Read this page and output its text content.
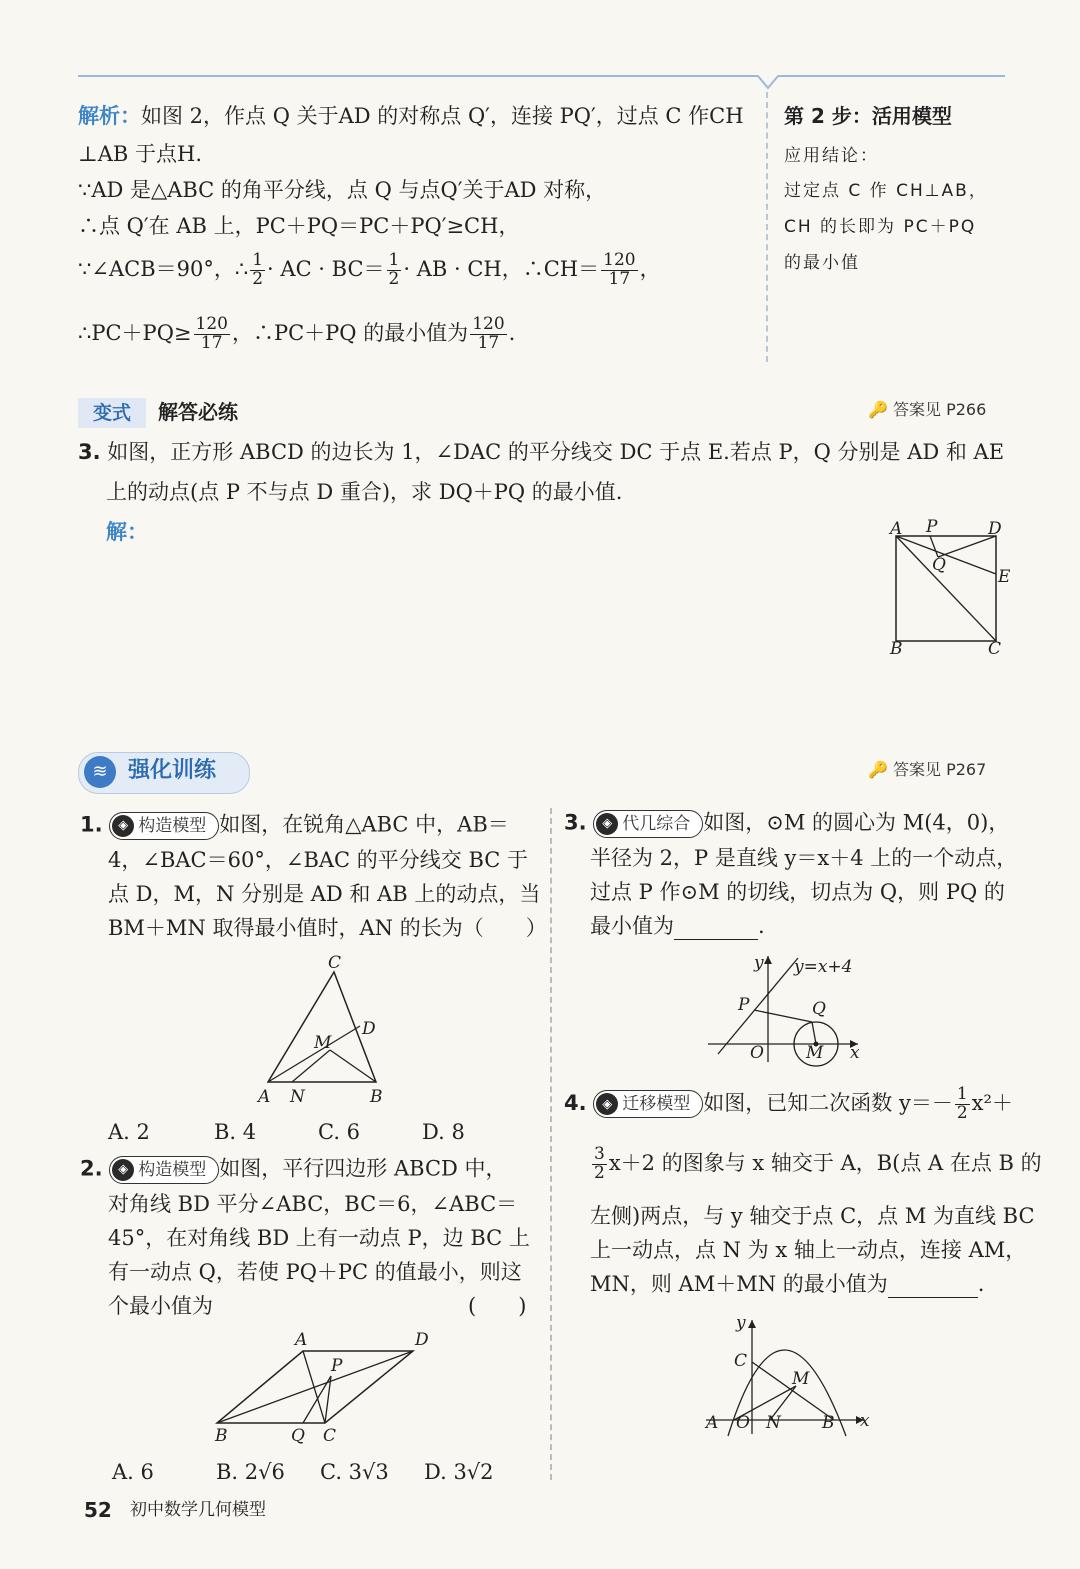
解析：如图 2，作点 Q 关于AD 的对称点 Q′，连接 PQ′，过点 C 作CH
⊥AB 于点H.
∵AD 是△ABC 的角平分线，点 Q 与点Q′关于AD 对称，
∴点 Q′在 AB 上，PC＋PQ＝PC＋PQ′≥CH，
∵∠ACB＝90°，∴ $\frac{1}{2}$ · AC · $BC= \frac{1}{2}$ · AB · CH，∴CH＝ $\frac{120}{17}$ ，
∴PC＋PQ≥ $\frac{120}{17}$ ，∴PC＋PQ 的最小值为 $\frac{120}{17}$ .
第 2 步：活用模型
应用结论：
过定点 C 作 CH⊥AB，
CH 的长即为 PC＋PQ
的最小值
变式	解答必练	🔑 答案见 P266
3. 如图，正方形 ABCD 的边长为 1，∠DAC 的平分线交 DC 于点 E.若点 P，Q 分别是 AD 和 AE
上的动点(点 P 不与点 D 重合)，求 DQ＋PQ 的最小值.
解：	A P	D
Q
E
B	C
≋ 强化训练	🔑 答案见 P267
1.	◈ 构造模型 如图，在锐角△ABC 中，AB＝
4，∠BAC＝60°，∠BAC 的平分线交 BC 于
点 D，M，N 分别是 AD 和 AB 上的动点，当
BM＋MN 取得最小值时，AN 的长为（　　）
C
D
M
A N	B
A. 2	B. 4	C. 6	D. 8
2.	◈ 构造模型 如图，平行四边形 ABCD 中，
对角线 BD 平分∠ABC，BC＝6，∠ABC＝
45°，在对角线 BD 上有一动点 P，边 BC 上
有一动点 Q，若使 PQ＋PC 的值最小，则这
个最小值为	(　　)
A	D
P
B	Q C
A. 6	B. 2√6 C. 3√3 D. 3√2
3.	◈ 代几综合 如图，⊙M 的圆心为 M(4，0)，
半径为 2，P 是直线 y＝x＋4 上的一个动点，
过点 P 作⊙M 的切线，切点为 Q，则 PQ 的
最小值为	.
y y=x+4
P	Q
O M x
4.	◈ 迁移模型 如图，已知二次函数 $y=- \frac{1}{2} x^2+$
$\frac{3}{2} x+2$ 的图象与 x 轴交于 A，B(点 A 在点 B 的
左侧)两点，与 y 轴交于点 C，点 M 为直线 BC
上一动点，点 N 为 x 轴上一动点，连接 AM，
MN，则 AM＋MN 的最小值为	.
y
C
M
A O N B x
52 初中数学几何模型
